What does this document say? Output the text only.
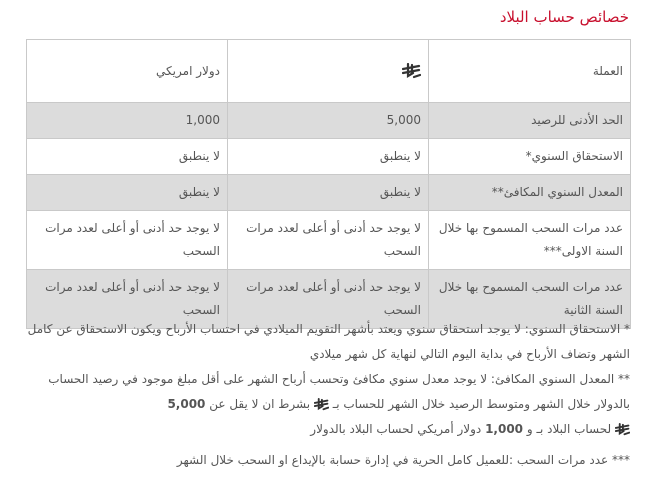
خصائص حساب البلاد
العملة		دولار امريكي
الحد الأدنى للرصيد	5,000	1,000
الاستحقاق السنوي*	لا ينطبق	لا ينطبق
المعدل السنوي المكافئ**	لا ينطبق	لا ينطبق
عدد مرات السحب المسموح بها خلال السنة الاولى***	لا يوجد حد أدنى أو أعلى لعدد مرات السحب	لا يوجد حد أدنى أو أعلى لعدد مرات السحب
عدد مرات السحب المسموح بها خلال السنة الثانية	لا يوجد حد أدنى أو أعلى لعدد مرات السحب	لا يوجد حد أدنى أو أعلى لعدد مرات السحب

* الاستحقاق السنوي: لا يوجد استحقاق سنوي ويعتد بأشهر التقويم الميلادي في احتساب الأرباح ويكون الاستحقاق عن كامل الشهر وتضاف الأرباح في بداية اليوم التالي لنهاية كل شهر ميلادي

** المعدل السنوي المكافئ: لا يوجد معدل سنوي مكافئ وتحسب أرباح الشهر على أقل مبلغ موجود في رصيد الحساب بالدولار خلال الشهر ومتوسط الرصيد خلال الشهر للحساب بـ  بشرط ان لا يقل عن 5,000
لحساب البلاد بـ و 1,000 دولار أمريكي لحساب البلاد بالدولار

*** عدد مرات السحب :للعميل كامل الحرية في إدارة حسابة بالإيداع او السحب خلال الشهر
